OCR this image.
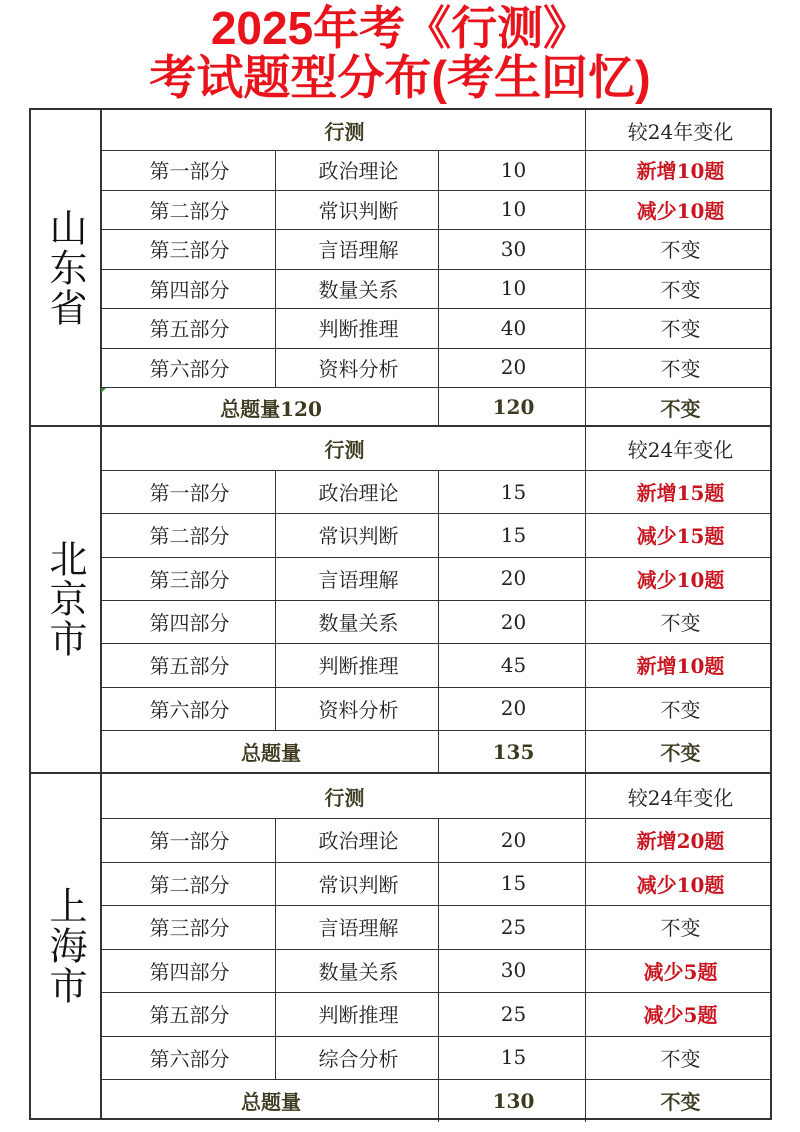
2025年考《行测》
考试题型分布(考生回忆)
山东省
行测	较24年变化
第一部分	政治理论	10	新增10题
第二部分	常识判断	10	减少10题
第三部分	言语理解	30	不变
第四部分	数量关系	10	不变
第五部分	判断推理	40	不变
第六部分	资料分析	20	不变
总题量120	120	不变
北京市
行测	较24年变化
第一部分	政治理论	15	新增15题
第二部分	常识判断	15	减少15题
第三部分	言语理解	20	减少10题
第四部分	数量关系	20	不变
第五部分	判断推理	45	新增10题
第六部分	资料分析	20	不变
总题量	135	不变
上海市
行测	较24年变化
第一部分	政治理论	20	新增20题
第二部分	常识判断	15	减少10题
第三部分	言语理解	25	不变
第四部分	数量关系	30	减少5题
第五部分	判断推理	25	减少5题
第六部分	综合分析	15	不变
总题量	130	不变
